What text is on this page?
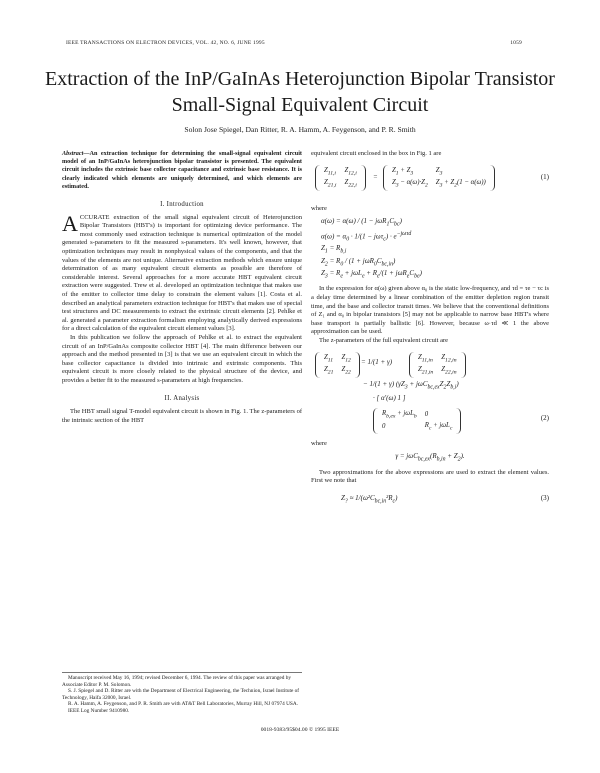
IEEE TRANSACTIONS ON ELECTRON DEVICES, VOL. 42, NO. 6, JUNE 1995	1059
Extraction of the InP/GaInAs Heterojunction Bipolar Transistor Small-Signal Equivalent Circuit
Solon Jose Spiegel, Dan Ritter, R. A. Hamm, A. Feygenson, and P. R. Smith

Abstract—An extraction technique for determining the small-signal equivalent circuit model of an InP/GaInAs heterojunction bipolar transistor is presented. The equivalent circuit includes the extrinsic base collector capacitance and extrinsic base resistance. It is clearly indicated which elements are uniquely determined, and which elements are estimated.

I. Introduction

ACCURATE extraction of the small signal equivalent circuit of Heterojunction Bipolar Transistors (HBT's) is important for optimizing device performance. The most commonly used extraction technique is numerical optimization of the model generated s-parameters to fit the measured s-parameters. It's well known, however, that optimization techniques may result in nonphysical values of the components, and that the values of the elements are not unique. Alternative extraction methods which ensure unique determination of as many equivalent circuit elements as possible are therefore of considerable interest. Several approaches for a more accurate HBT equivalent circuit extraction were suggested. Trew et al. developed an optimization technique that makes use of the emitter to collector time delay to constrain the element values [1]. Costa et al. described an analytical parameters extraction technique for HBT's that makes use of special test structures and DC measurements to extract the extrinsic circuit elements [2]. Pehlke et al. generated a parameter extraction formalism employing analytically derived expressions for a direct calculation of the equivalent circuit element values [3].

In this publication we follow the approach of Pehlke et al. to extract the equivalent circuit of an InP/GaInAs composite collector HBT [4]. The main difference between our approach and the method presented in [3] is that we use an equivalent circuit in which the base collector capacitance is divided into intrinsic and extrinsic components. This equivalent circuit is more closely related to the physical structure of the device, and provides a better fit to the measured s-parameters at high frequencies.

II. Analysis

The HBT small signal T-model equivalent circuit is shown in Fig. 1. The z-parameters of the intrinsic section of the HBT

Manuscript received May 16, 1994; revised December 6, 1994. The review of this paper was arranged by Associate Editor P. M. Solomon.
S. J. Spiegel and D. Ritter are with the Department of Electrical Engineering, the Technion, Israel Institute of Technology, Haifa 32000, Israel.
R. A. Hamm, A. Feygenson, and P. R. Smith are with AT&T Bell Laboratories, Murray Hill, NJ 07974 USA.
IEEE Log Number 9410980.

equivalent circuit enclosed in the box in Fig. 1 are

$Z_{11,i}$	$Z_{12,i}$
$Z_{21,i}$	$Z_{22,i}$
=
$Z_1 + Z_3$	$Z_3$
$Z_3 - \alpha(\omega)\cdot Z_2$	$Z_3 + Z_2(1 - \alpha(\omega))$
(1)
where
$\alpha(\omega) = \alpha(\omega) / (1 - j\omega R_1C_{bc})$
$\alpha(\omega) = \alpha_0 \cdot 1/(1 - j\omega\tau_c) \cdot e^{-j\omega\tau d}$
$Z_1 = R_{b,i}$
$Z_2 = R_0 / (1 + j\omega R_0C_{bc,in})$
$Z_3 = R_e + j\omega L_e + R_e/(1 + j\omega R_eC_{be})$

In the expression for α(ω) given above α₀ is the static low-frequency, and τd = τe − τc is a delay time determined by a linear combination of the emitter depletion region transit time, and the base and collector transit times. We believe that the conventional definitions of Z₁ and α₀ in bipolar transistors [5] may not be applicable to narrow base HBT's where base transport is partially ballistic [6]. However, because ω·τd ≪ 1 the above approximation can be used.

The z-parameters of the full equivalent circuit are

$Z_{11}$	$Z_{12}$
$Z_{21}$	$Z_{22}$
= 1/(1 + γ)
$Z_{11,in}$	$Z_{12,in}$
$Z_{21,in}$	$Z_{22,in}$
− 1/(1 + γ) $(\gamma Z_3 + j\omega C_{bc,ex}Z_2Z_{b,i})$
· [ α′(ω) 1 ]
$R_{b,ex} + j\omega L_b$	0
0	$R_c + j\omega L_c$
(2)
where
$\gamma = j\omega C_{bc,ex}(R_{b,in} + Z_2)$.

Two approximations for the above expressions are used to extract the element values. First we note that

$Z_? \approx 1/(\omega^2C_{bc,in}^2R_c)$	(3)
0018-9383/95$04.00 © 1995 IEEE
